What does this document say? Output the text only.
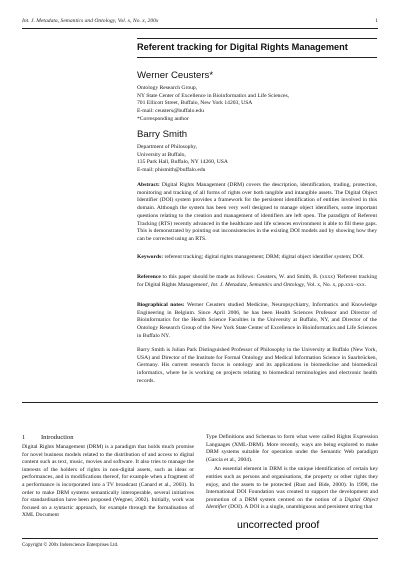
Int. J. Metadata, Semantics and Ontology, Vol. x, No. x, 200x	1
Referent tracking for Digital Rights Management
Werner Ceusters*
Ontology Research Group,
NY State Center of Excellence in Bioinformatics and Life Sciences,
701 Ellicott Street, Buffalo, New York 14203, USA
E-mail: ceusters@buffalo.edu
*Corresponding author
Barry Smith
Department of Philosophy,
University at Buffalo,
135 Park Hall, Buffalo, NY 14260, USA
E-mail: phismith@buffalo.edu
Abstract: Digital Rights Management (DRM) covers the description, identification, trading, protection, monitoring and tracking of all forms of rights over both tangible and intangible assets. The Digital Object Identifier (DOI) system provides a framework for the persistent identification of entities involved in this domain. Although the system has been very well designed to manage object identifiers, some important questions relating to the creation and management of identifiers are left open. The paradigm of Referent Tracking (RTS) recently advanced in the healthcare and life sciences environment is able to fill these gaps. This is demonstrated by pointing out inconsistencies in the existing DOI models and by showing how they can be corrected using an RTS.
Keywords: referent tracking; digital rights management; DRM; digital object identifier system; DOI.
Reference to this paper should be made as follows: Ceusters, W. and Smith, B. (xxxx) 'Referent tracking for Digital Rights Management', Int. J. Metadata, Semantics and Ontology, Vol. x, No. x, pp.xxx–xxx.
Biographical notes: Werner Ceusters studied Medicine, Neuropsychiatry, Informatics and Knowledge Engineering in Belgium. Since April 2006, he has been Health Sciences Professor and Director of Bioinformatics for the Health Science Faculties in the University at Buffalo, NY, and Director of the Ontology Research Group of the New York State Center of Excellence in Bioinformatics and Life Sciences in Buffalo NY.
Barry Smith is Julian Park Distinguished Professor of Philosophy in the University at Buffalo (New York, USA) and Director of the Institute for Formal Ontology and Medical Information Science in Saarbrücken, Germany. His current research focus is ontology and its applications in biomedicine and biomedical informatics, where he is working on projects relating to biomedical terminologies and electronic health records.
1 Introduction
Digital Rights Management (DRM) is a paradigm that holds much promise for novel business models related to the distribution of and access to digital content such as text, music, movies and software. It also tries to manage the interests of the holders of rights in non-digital assets, such as ideas or performances, and in modifications thereof, for example when a fragment of a performance is incorporated into a TV broadcast (Canard et al., 2003). In order to make DRM systems semantically interoperable, several initiatives for standardisation have been proposed (Wegner, 2002). Initially, work was focused on a syntactic approach, for example through the formalisation of XML Document
Type Definitions and Schemas to form what were called Rights Expression Languages (XML-DRM). More recently, ways are being explored to make DRM systems suitable for operation under the Semantic Web paradigm (Garcia et al., 2004).
An essential element in DRM is the unique identification of certain key entities such as persons and organisations, the property or other rights they enjoy, and the assets to be protected (Rust and Bide, 2000). In 1998, the International DOI Foundation was created to support the development and promotion of a DRM system centred on the notion of a Digital Object Identifier (DOI). A DOI is a single, unambiguous and persistent string that
uncorrected proof
Copyright © 200x Inderscience Enterprises Ltd.
